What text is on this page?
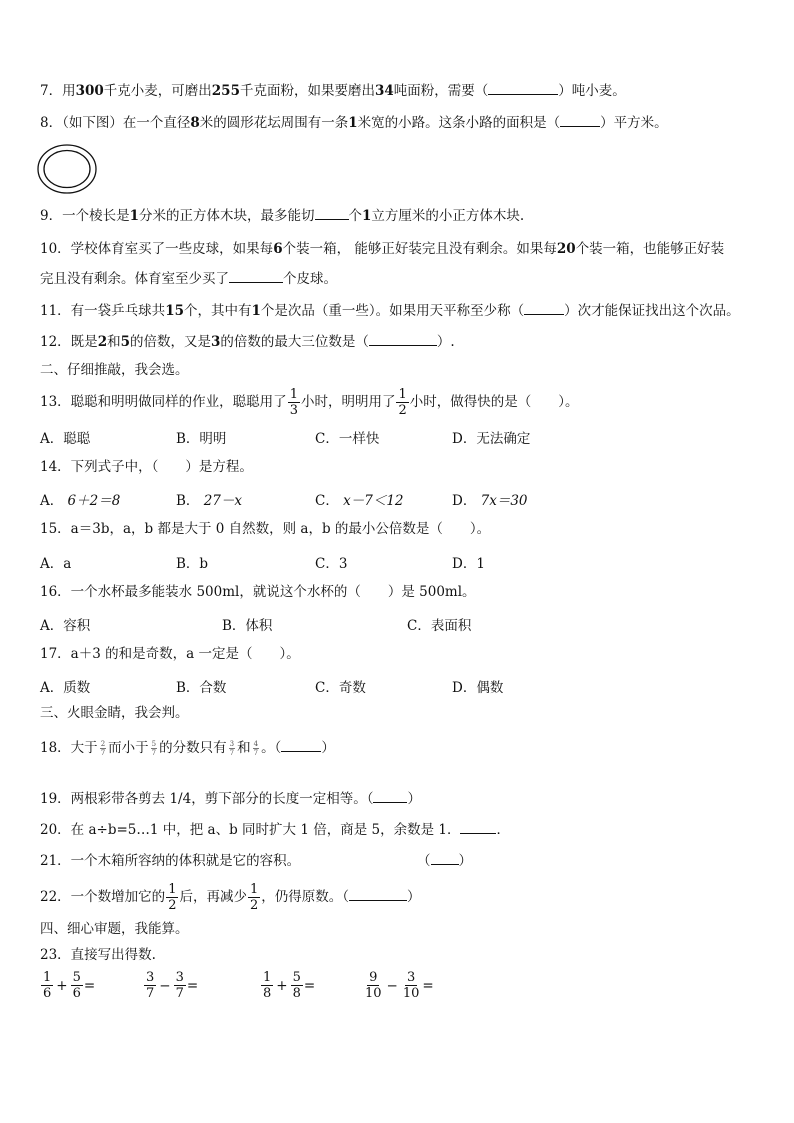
7．用300千克小麦，可磨出255千克面粉，如果要磨出34吨面粉，需要（	）吨小麦。
8．（如下图）在一个直径8米的圆形花坛周围有一条1米宽的小路。这条小路的面积是（	）平方米。
9．一个棱长是1分米的正方体木块，最多能切	个1立方厘米的小正方体木块.
10．学校体育室买了一些皮球，如果每6个装一箱， 能够正好装完且没有剩余。如果每20个装一箱，也能够正好装
完且没有剩余。体育室至少买了	个皮球。
11．有一袋乒乓球共15个，其中有1个是次品（重一些）。如果用天平称至少称（	）次才能保证找出这个次品。
12．既是2和5的倍数，又是3的倍数的最大三位数是（	）.
二、仔细推敲，我会选。
13．聪聪和明明做同样的作业，聪聪用了 $\frac{1}{3}$ 小时，明明用了 $\frac{1}{2}$ 小时，做得快的是（　　）。
A．聪聪	B．明明	C．一样快	D．无法确定
14．下列式子中，（　　）是方程。
A． 6＋2＝8	B． 27－x	C． x－7＜12	D． 7x＝30
15．a＝3b，a，b 都是大于 0 自然数，则 a，b 的最小公倍数是（　　）。
A．a	B．b	C．3	D．1
16．一个水杯最多能装水 500ml，就说这个水杯的（　　）是 500ml。
A．容积	B．体积	C．表面积
17．a＋3 的和是奇数，a 一定是（　　）。
A．质数	B．合数	C．奇数	D．偶数
三、火眼金睛，我会判。
18．大于 $\frac{2}{7}$ 而小于 $\frac{5}{7}$ 的分数只有 $\frac{3}{7}$ 和 $\frac{4}{7}$ 。（	）
19．两根彩带各剪去 1/4，剪下部分的长度一定相等。（	）
20．在 a÷b=5…1 中，把 a、b 同时扩大 1 倍，商是 5，余数是 1．	．
21．一个木箱所容纳的体积就是它的容积。	（ ）
22．一个数增加它的 $\frac{1}{2}$ 后，再减少 $\frac{1}{2}$ ，仍得原数。（	）
四、细心审题，我能算。
23．直接写出得数.
$\frac{1}{6} + \frac{5}{6}$ =	$\frac{3}{7} - \frac{3}{7}$ =	$\frac{1}{8} + \frac{5}{8}$ =	$\frac{9}{10} - \frac{3}{10}$ =
